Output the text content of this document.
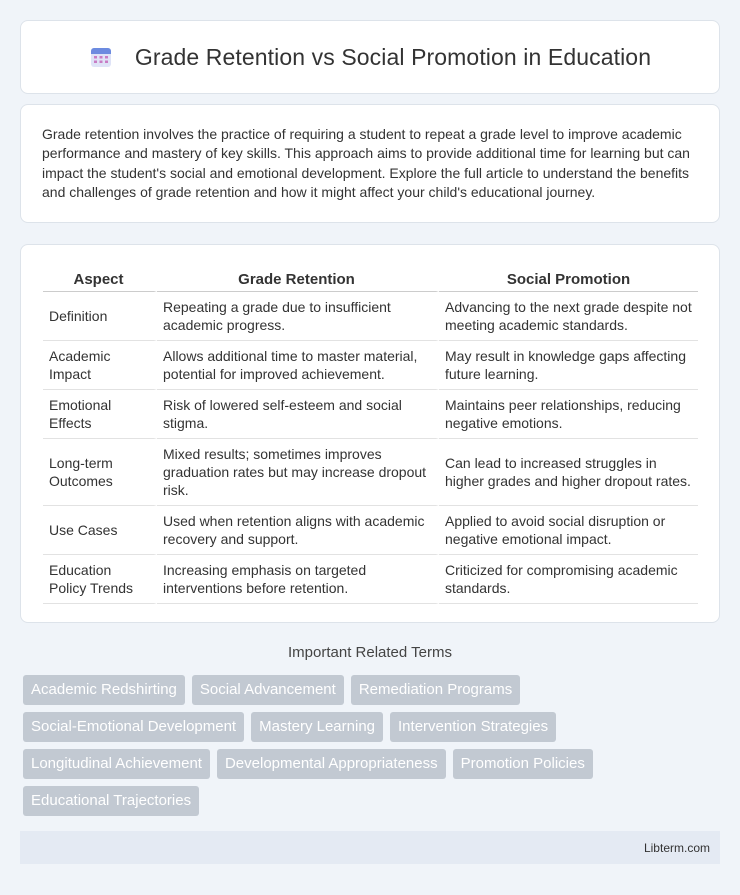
Grade Retention vs Social Promotion in Education

Grade retention involves the practice of requiring a student to repeat a grade level to improve academic performance and mastery of key skills. This approach aims to provide additional time for learning but can impact the student's social and emotional development. Explore the full article to understand the benefits and challenges of grade retention and how it might affect your child's educational journey.

Aspect	Grade Retention	Social Promotion
Definition	Repeating a grade due to insufficient academic progress.	Advancing to the next grade despite not meeting academic standards.
Academic Impact	Allows additional time to master material, potential for improved achievement.	May result in knowledge gaps affecting future learning.
Emotional Effects	Risk of lowered self-esteem and social stigma.	Maintains peer relationships, reducing negative emotions.
Long-term Outcomes	Mixed results; sometimes improves graduation rates but may increase dropout risk.	Can lead to increased struggles in higher grades and higher dropout rates.
Use Cases	Used when retention aligns with academic recovery and support.	Applied to avoid social disruption or negative emotional impact.
Education Policy Trends	Increasing emphasis on targeted interventions before retention.	Criticized for compromising academic standards.
Important Related Terms
Academic Redshirting	Social Advancement	Remediation Programs
Social-Emotional Development	Mastery Learning	Intervention Strategies
Longitudinal Achievement	Developmental Appropriateness	Promotion Policies
Educational Trajectories
Libterm.com
